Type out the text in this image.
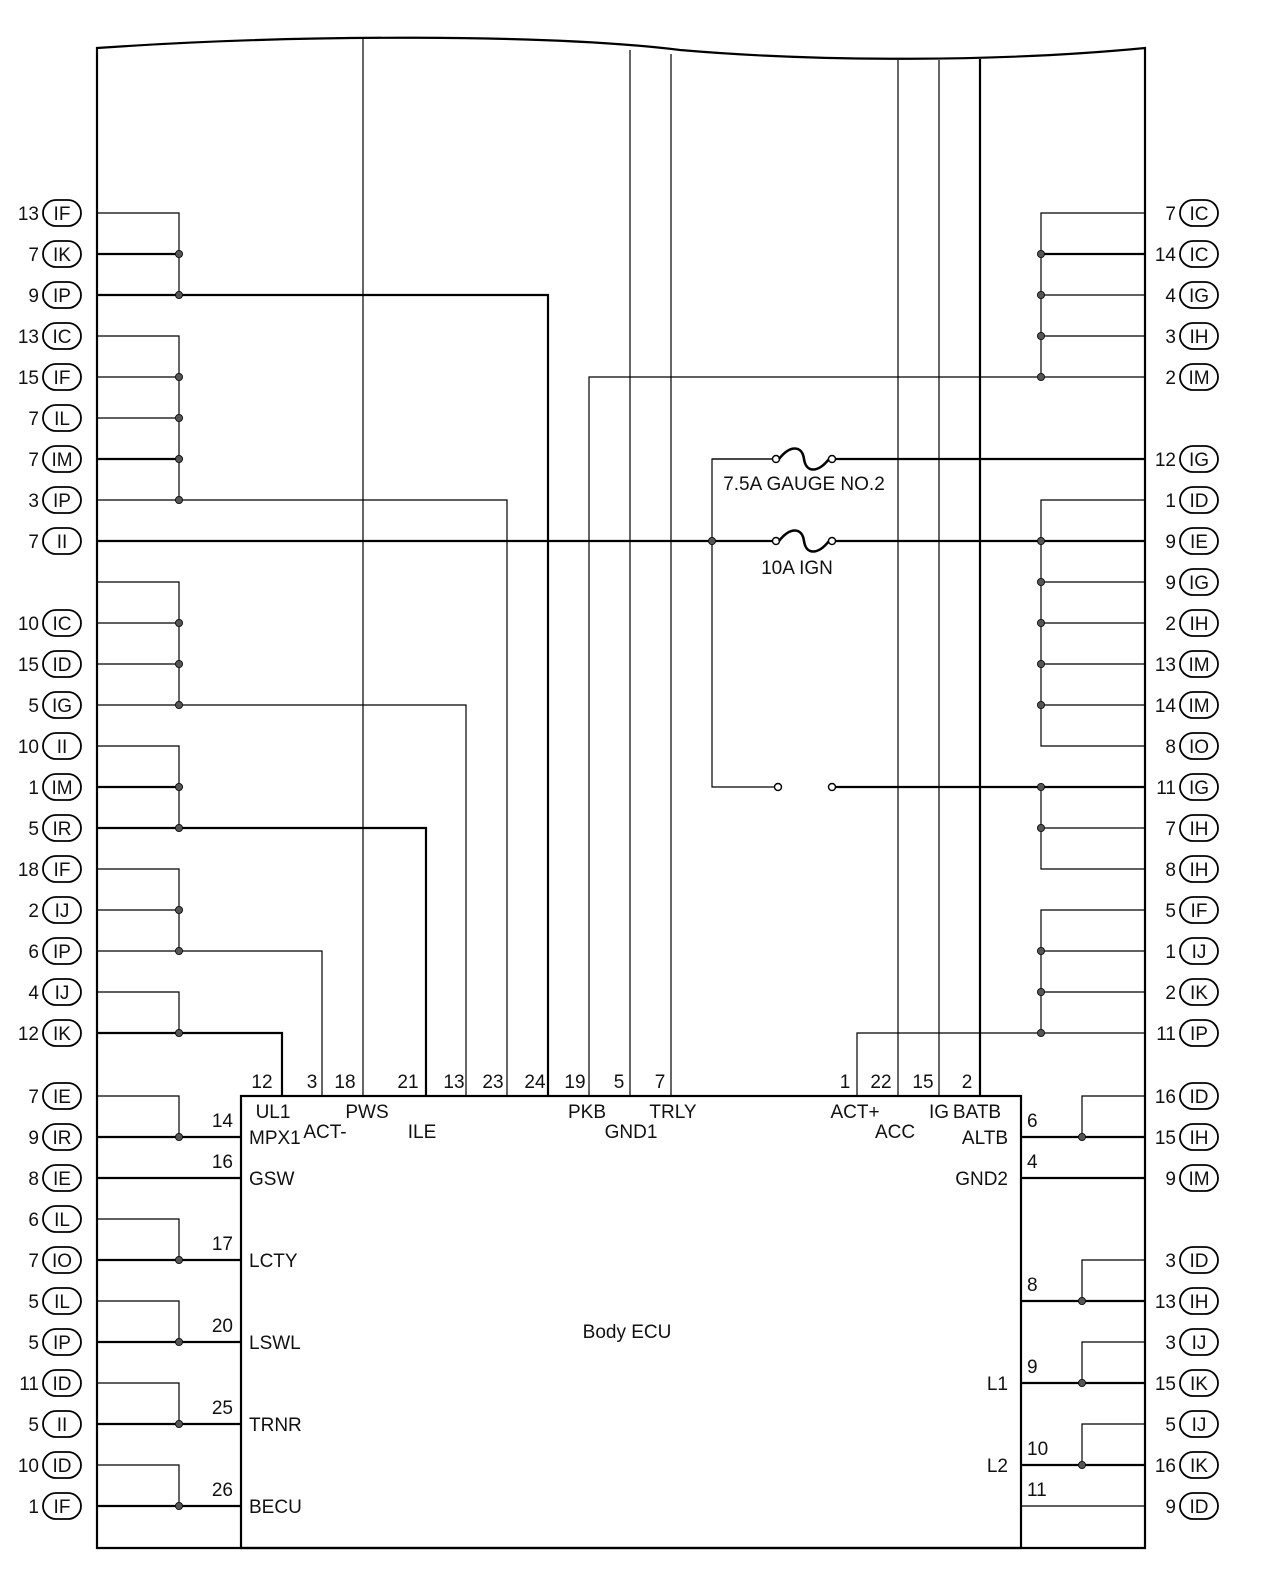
Body ECU
7.5A GAUGE NO.2
10A IGN
13 IF
7 IK
9 IP
13 IC
15 IF
7 IL
7 IM
3 IP
7 II
10 IC
15 ID
5 IG
10 II
1 IM
5 IR
18 IF
2 IJ
6 IP
4 IJ
12 IK
7 IE
9 IR
8 IE
6 IL
7 IO
5 IL
5 IP
11 ID
5 II
10 ID
1 IF
7 IC
14 IC
4 IG
3 IH
2 IM
12 IG
1 ID
9 IE
9 IG
2 IH
13 IM
14 IM
8 IO
11 IG
7 IH
8 IH
5 IF
1 IJ
2 IK
11 IP
16 ID
15 IH
9 IM
3 ID
13 IH
3 IJ
15 IK
5 IJ
16 IK
9 ID
12
UL1
3
ACT-
18
PWS
21
ILE
13 23 24 19
PKB
5
GND1
7
TRLY
1
ACT+
22
ACC
15
IG
2
BATB
14
MPX1
16
GSW
17
LCTY
20
LSWL
25
TRNR
26
BECU
6
ALTB
4
GND2
8
9
L1
10
L2
11
